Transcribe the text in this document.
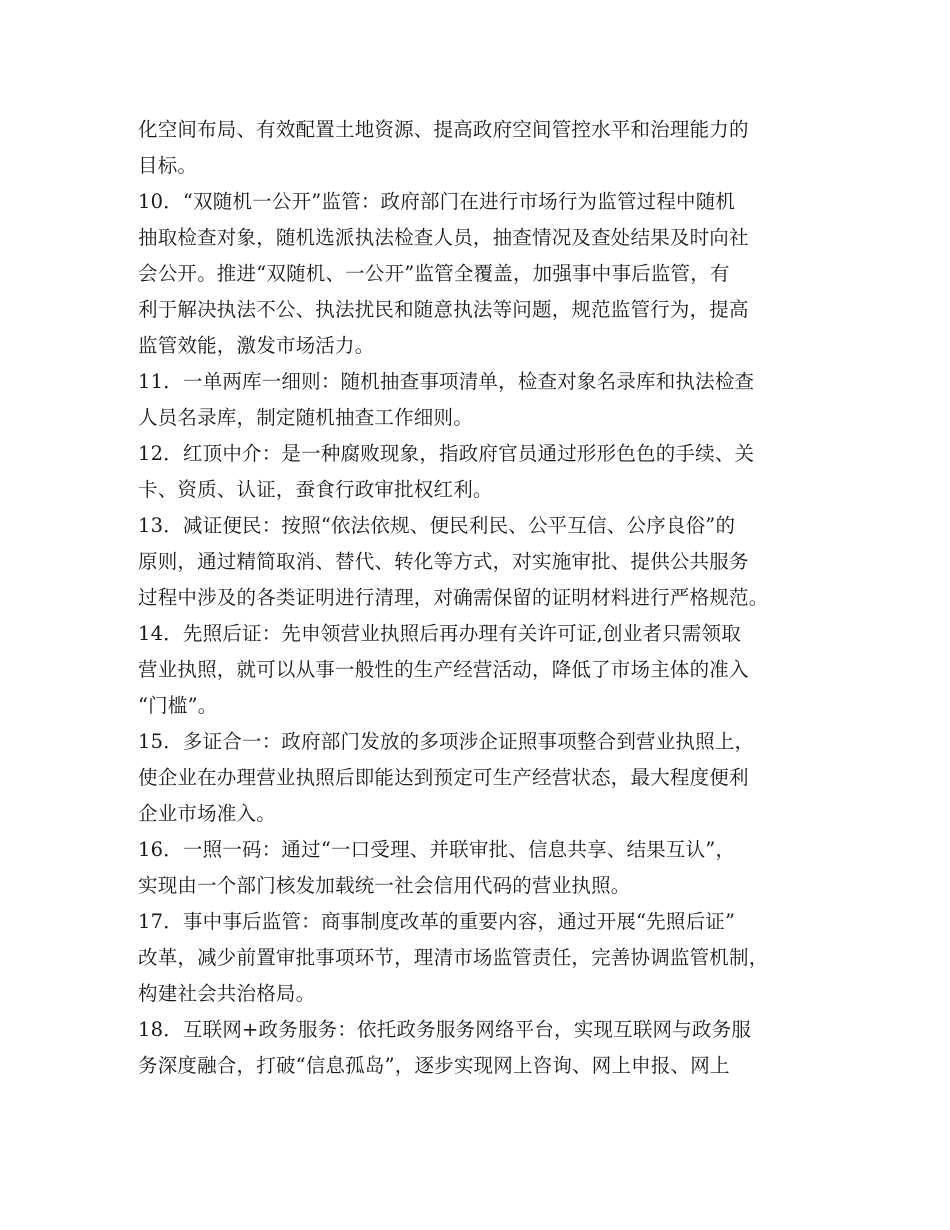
化空间布局、有效配置土地资源、提高政府空间管控水平和治理能力的
目标。
10．“双随机一公开”监管：政府部门在进行市场行为监管过程中随机
抽取检查对象，随机选派执法检查人员，抽查情况及查处结果及时向社
会公开。推进“双随机、一公开”监管全覆盖，加强事中事后监管，有
利于解决执法不公、执法扰民和随意执法等问题，规范监管行为，提高
监管效能，激发市场活力。
11．一单两库一细则：随机抽查事项清单，检查对象名录库和执法检查
人员名录库，制定随机抽查工作细则。
12．红顶中介：是一种腐败现象，指政府官员通过形形色色的手续、关
卡、资质、认证，蚕食行政审批权红利。
13．减证便民：按照“依法依规、便民利民、公平互信、公序良俗”的
原则，通过精简取消、替代、转化等方式，对实施审批、提供公共服务
过程中涉及的各类证明进行清理，对确需保留的证明材料进行严格规范。
14．先照后证：先申领营业执照后再办理有关许可证,创业者只需领取
营业执照，就可以从事一般性的生产经营活动，降低了市场主体的准入
“门槛”。
15．多证合一：政府部门发放的多项涉企证照事项整合到营业执照上，
使企业在办理营业执照后即能达到预定可生产经营状态，最大程度便利
企业市场准入。
16．一照一码：通过“一口受理、并联审批、信息共享、结果互认”，
实现由一个部门核发加载统一社会信用代码的营业执照。
17．事中事后监管：商事制度改革的重要内容，通过开展“先照后证”
改革，减少前置审批事项环节，理清市场监管责任，完善协调监管机制，
构建社会共治格局。
18．互联网+政务服务：依托政务服务网络平台，实现互联网与政务服
务深度融合，打破“信息孤岛”，逐步实现网上咨询、网上申报、网上
